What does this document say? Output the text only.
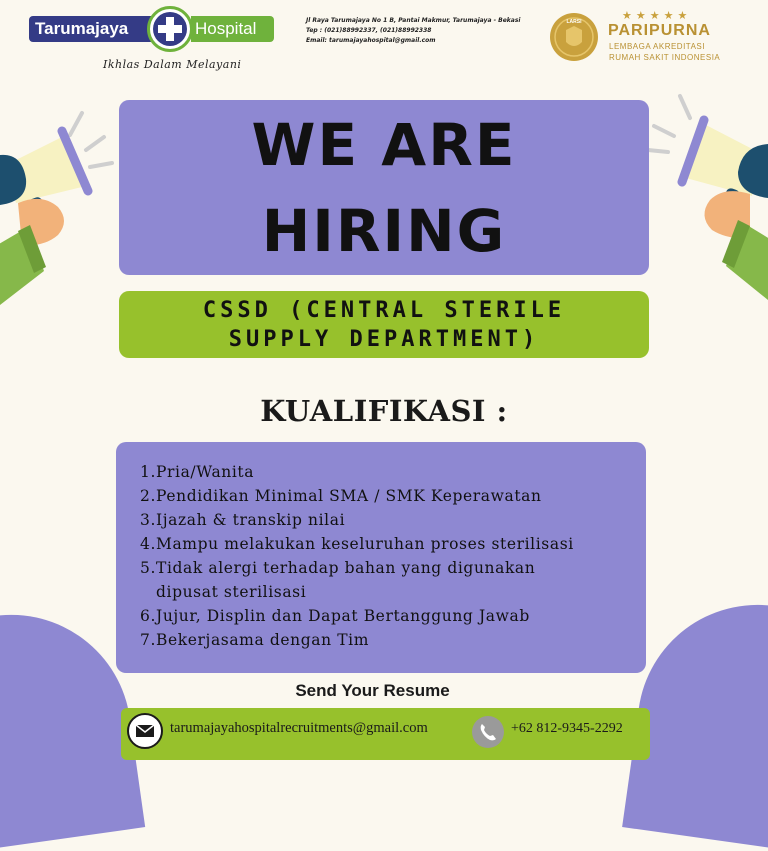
Tarumajaya	Hospital
Ikhlas Dalam Melayani
Jl Raya Tarumajaya No 1 B, Pantai Makmur, Tarumajaya - Bekasi
Tep : (021)88992337, (021)88992338
Email: tarumajayahospital@gmail.com
LARSI	★★★★★
PARIPURNA
LEMBAGA AKREDITASI
RUMAH SAKIT INDONESIA
WE ARE
HIRING
CSSD (CENTRAL STERILE
SUPPLY DEPARTMENT)
KUALIFIKASI :
1. Pria/Wanita
2. Pendidikan Minimal SMA / SMK Keperawatan
3. Ijazah & transkip nilai
4. Mampu melakukan keseluruhan proses sterilisasi
5. Tidak alergi terhadap bahan yang digunakan
dipusat sterilisasi
6. Jujur, Displin dan Dapat Bertanggung Jawab
7. Bekerjasama dengan Tim
Send Your Resume
tarumajayahospitalrecruitments@gmail.com	+62 812-9345-2292
